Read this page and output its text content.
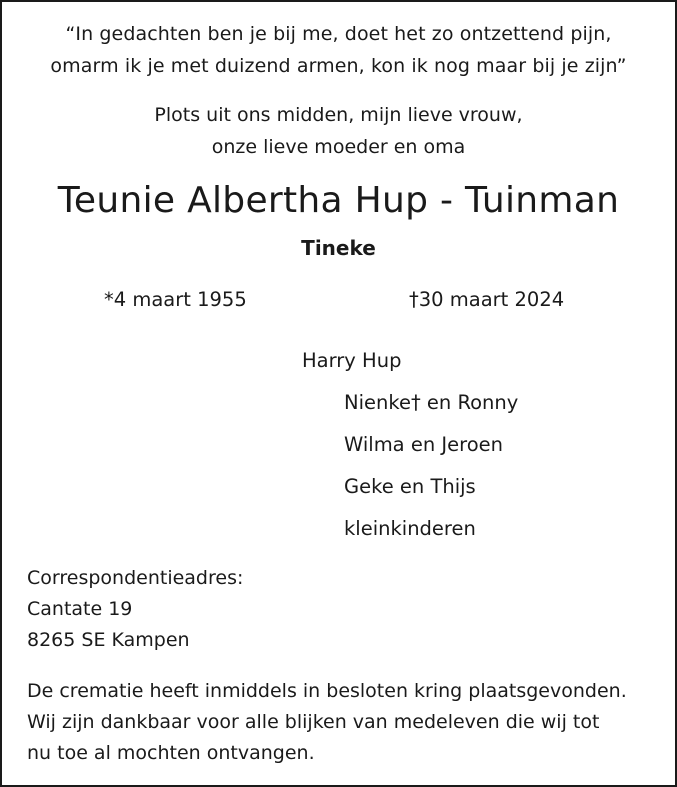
“In gedachten ben je bij me, doet het zo ontzettend pijn,
omarm ik je met duizend armen, kon ik nog maar bij je zijn”
Plots uit ons midden, mijn lieve vrouw,
onze lieve moeder en oma
Teunie Albertha Hup - Tuinman
Tineke
*4 maart 1955	†30 maart 2024
Harry Hup
Nienke† en Ronny
Wilma en Jeroen
Geke en Thijs
kleinkinderen
Correspondentieadres:
Cantate 19
8265 SE Kampen
De crematie heeft inmiddels in besloten kring plaatsgevonden.
Wij zijn dankbaar voor alle blijken van medeleven die wij tot
nu toe al mochten ontvangen.
